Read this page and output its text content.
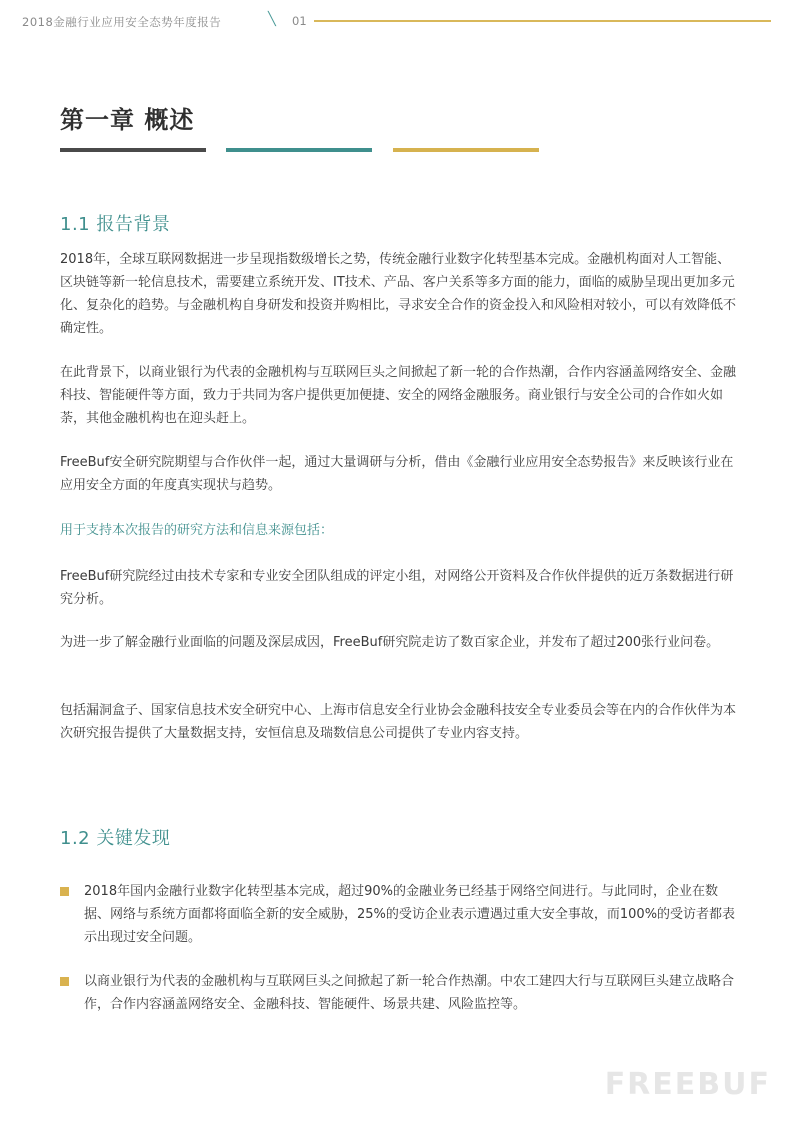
2018金融行业应用安全态势年度报告	╲ 01
第一章 概述
1.1 报告背景

2018年，全球互联网数据进一步呈现指数级增长之势，传统金融行业数字化转型基本完成。金融机构面对人工智能、区块链等新一轮信息技术，需要建立系统开发、IT技术、产品、客户关系等多方面的能力，面临的威胁呈现出更加多元化、复杂化的趋势。与金融机构自身研发和投资并购相比，寻求安全合作的资金投入和风险相对较小，可以有效降低不确定性。

在此背景下，以商业银行为代表的金融机构与互联网巨头之间掀起了新一轮的合作热潮，合作内容涵盖网络安全、金融科技、智能硬件等方面，致力于共同为客户提供更加便捷、安全的网络金融服务。商业银行与安全公司的合作如火如荼，其他金融机构也在迎头赶上。

FreeBuf安全研究院期望与合作伙伴一起，通过大量调研与分析，借由《金融行业应用安全态势报告》来反映该行业在应用安全方面的年度真实现状与趋势。

用于支持本次报告的研究方法和信息来源包括：

FreeBuf研究院经过由技术专家和专业安全团队组成的评定小组，对网络公开资料及合作伙伴提供的近万条数据进行研究分析。

为进一步了解金融行业面临的问题及深层成因，FreeBuf研究院走访了数百家企业，并发布了超过200张行业问卷。

包括漏洞盒子、国家信息技术安全研究中心、上海市信息安全行业协会金融科技安全专业委员会等在内的合作伙伴为本次研究报告提供了大量数据支持，安恒信息及瑞数信息公司提供了专业内容支持。

1.2 关键发现

2018年国内金融行业数字化转型基本完成，超过90%的金融业务已经基于网络空间进行。与此同时，企业在数据、网络与系统方面都将面临全新的安全威胁，25%的受访企业表示遭遇过重大安全事故，而100%的受访者都表示出现过安全问题。

以商业银行为代表的金融机构与互联网巨头之间掀起了新一轮合作热潮。中农工建四大行与互联网巨头建立战略合作，合作内容涵盖网络安全、金融科技、智能硬件、场景共建、风险监控等。

FREEBUF
